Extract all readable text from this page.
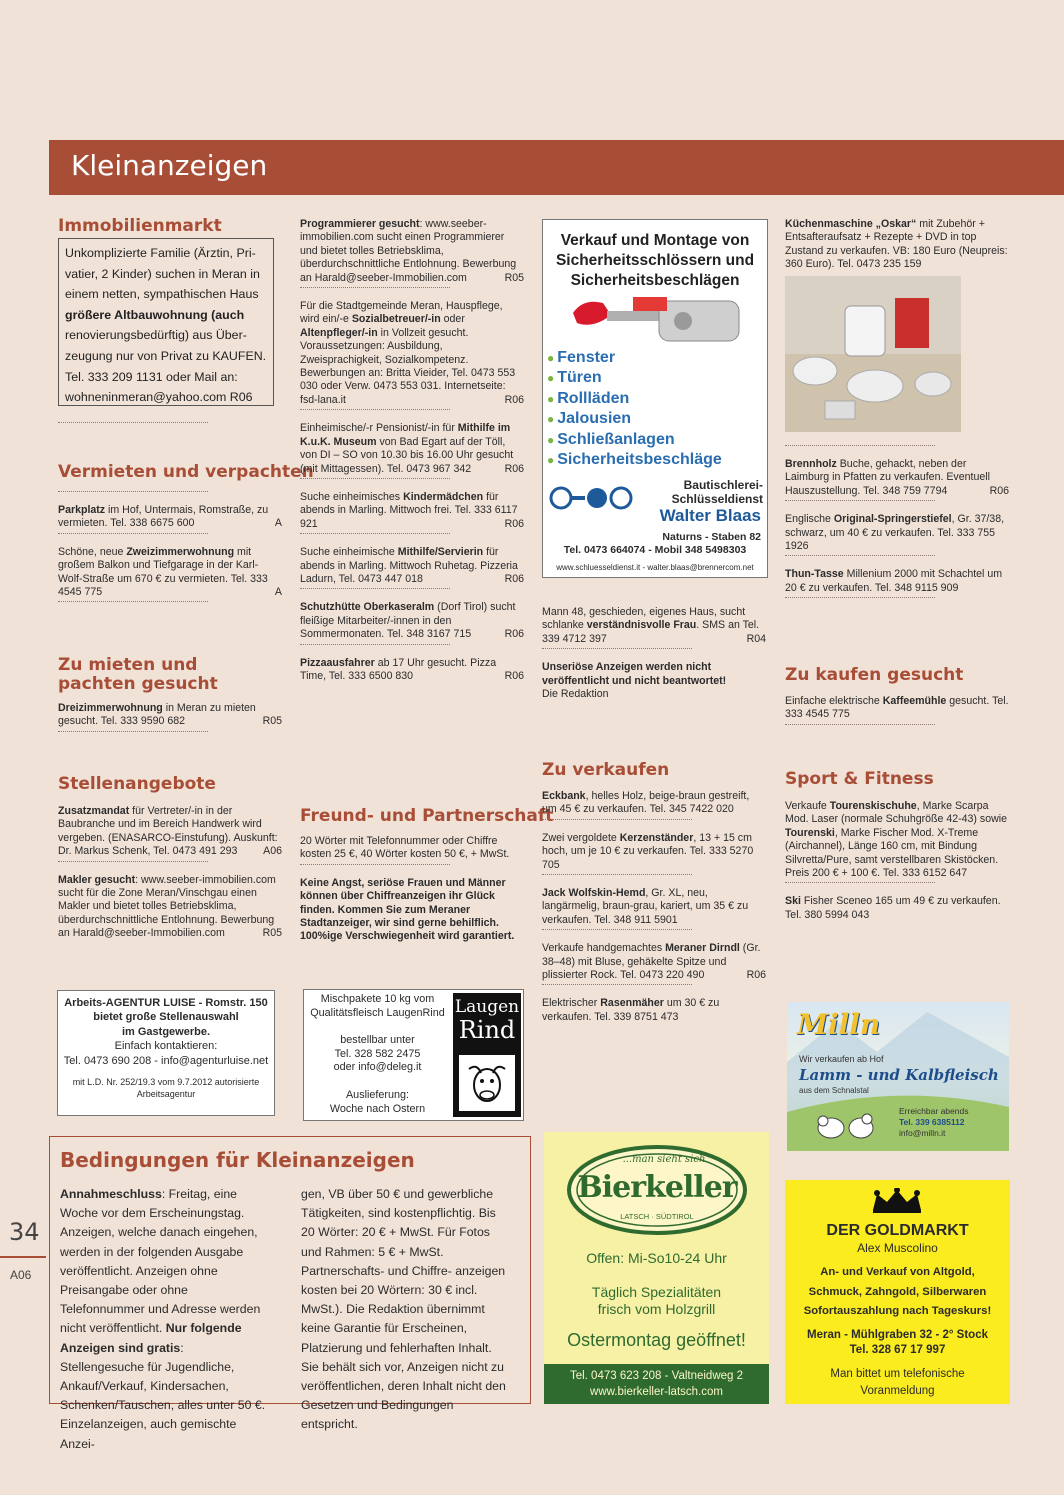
Kleinanzeigen
Immobilienmarkt
Unkomplizierte Familie (Ärztin, Pri-
vatier, 2 Kinder) suchen in Meran in
einem netten, sympathischen Haus
größere Altbauwohnung (auch
renovierungsbedürftig) aus Über-
zeugung nur von Privat zu KAUFEN.
Tel. 333 209 1131 oder Mail an:
wohneninmeran@yahoo.com R06
Vermieten und verpachten

Parkplatz im Hof, Untermais, Romstraße, zu vermieten. Tel. 338 6675 600	A

Schöne, neue Zweizimmerwohnung mit großem Balkon und Tiefgarage in der Karl-Wolf-Straße um 670 € zu vermieten. Tel. 333 4545 775	A

Zu mieten und
pachten gesucht

Dreizimmerwohnung in Meran zu mieten gesucht. Tel. 333 9590 682	R05

Stellenangebote

Zusatzmandat für Vertreter/-in in der Baubranche und im Bereich Handwerk wird vergeben. (ENASARCO-Einstufung). Auskunft: Dr. Markus Schenk, Tel. 0473 491 293 A06

Makler gesucht: www.seeber-immobilien.com sucht für die Zone Meran/Vinschgau einen Makler und bietet tolles Betriebsklima, überdurchschnittliche Entlohnung. Bewerbung an Harald@seeber-Immobilien.com	R05

Arbeits-AGENTUR LUISE - Romstr. 150
bietet große Stellenauswahl
im Gastgewerbe.
Einfach kontaktieren:
Tel. 0473 690 208 - info@agenturluise.net
mit L.D. Nr. 252/19.3 vom 9.7.2012 autorisierte
Arbeitsagentur

Programmierer gesucht: www.seeber-immobilien.com sucht einen Programmierer und bietet tolles Betriebsklima, überdurchschnittliche Entlohnung. Bewerbung an Harald@seeber-Immobilien.com	R05

Für die Stadtgemeinde Meran, Hauspflege, wird ein/-e Sozialbetreuer/-in oder Altenpfleger/-in in Vollzeit gesucht. Voraussetzungen: Ausbildung, Zweisprachigkeit, Sozialkompetenz. Bewerbungen an: Britta Vieider, Tel. 0473 553 030 oder Verw. 0473 553 031. Internetseite: fsd-lana.it	R06

Einheimische/-r Pensionist/-in für Mithilfe im K.u.K. Museum von Bad Egart auf der Töll, von DI – SO von 10.30 bis 16.00 Uhr gesucht (mit Mittagessen). Tel. 0473 967 342	R06

Suche einheimisches Kindermädchen für abends in Marling. Mittwoch frei. Tel. 333 6117 921	R06

Suche einheimische Mithilfe/Servierin für abends in Marling. Mittwoch Ruhetag. Pizzeria Ladurn, Tel. 0473 447 018	R06

Schutzhütte Oberkaseralm (Dorf Tirol) sucht fleißige Mitarbeiter/-innen in den Sommermonaten. Tel. 348 3167 715	R06

Pizzaausfahrer ab 17 Uhr gesucht. Pizza Time, Tel. 333 6500 830	R06

Freund- und Partnerschaft

20 Wörter mit Telefonnummer oder Chiffre kosten 25 €, 40 Wörter kosten 50 €, + MwSt.

Keine Angst, seriöse Frauen und Männer können über Chiffreanzeigen ihr Glück finden. Kommen Sie zum Meraner Stadtanzeiger, wir sind gerne behilflich. 100%ige Verschwiegenheit wird garantiert.

Mischpakete 10 kg vom
Qualitätsfleisch LaugenRind
bestellbar unter
Tel. 328 582 2475
oder info@deleg.it
Auslieferung:
Woche nach Ostern
Laugen
Rind
Verkauf und Montage von Sicherheitsschlössern und Sicherheitsbeschlägen
● Fenster
● Türen
● Rollläden
● Jalousien
● Schließanlagen
● Sicherheitsbeschläge
Bautischlerei-
Schlüsseldienst
Walter Blaas
Naturns - Staben 82
Tel. 0473 664074 - Mobil 348 5498303
www.schluesseldienst.it - walter.blaas@brennercom.net

Mann 48, geschieden, eigenes Haus, sucht schlanke verständnisvolle Frau. SMS an Tel. 339 4712 397	R04

Unseriöse Anzeigen werden nicht veröffentlicht und nicht beantwortet!
Die Redaktion

Zu verkaufen

Eckbank, helles Holz, beige-braun gestreift, um 45 € zu verkaufen. Tel. 345 7422 020

Zwei vergoldete Kerzenständer, 13 + 15 cm hoch, um je 10 € zu verkaufen. Tel. 333 5270 705

Jack Wolfskin-Hemd, Gr. XL, neu, langärmelig, braun-grau, kariert, um 35 € zu verkaufen. Tel. 348 911 5901

Verkaufe handgemachtes Meraner Dirndl (Gr. 38–48) mit Bluse, gehäkelte Spitze und plissierter Rock. Tel. 0473 220 490	R06

Elektrischer Rasenmäher um 30 € zu verkaufen. Tel. 339 8751 473

...man sieht sich
Bierkeller
LATSCH · SÜDTIROL
Offen: Mi-So10-24 Uhr
Täglich Spezialitäten
frisch vom Holzgrill
Ostermontag geöffnet!
Tel. 0473 623 208 - Valtneidweg 2
www.bierkeller-latsch.com

Küchenmaschine „Oskar“ mit Zubehör + Entsafteraufsatz + Rezepte + DVD in top Zustand zu verkaufen. VB: 180 Euro (Neupreis: 360 Euro). Tel. 0473 235 159

Brennholz Buche, gehackt, neben der Laimburg in Pfatten zu verkaufen. Eventuell Hauszustellung. Tel. 348 759 7794	R06

Englische Original-Springerstiefel, Gr. 37/38, schwarz, um 40 € zu verkaufen. Tel. 333 755 1926

Thun-Tasse Millenium 2000 mit Schachtel um 20 € zu verkaufen. Tel. 348 9115 909

Zu kaufen gesucht

Einfache elektrische Kaffeemühle gesucht. Tel. 333 4545 775

Sport & Fitness

Verkaufe Tourenskischuhe, Marke Scarpa Mod. Laser (normale Schuhgröße 42-43) sowie Tourenski, Marke Fischer Mod. X-Treme (Airchannel), Länge 160 cm, mit Bindung Silvretta/Pure, samt verstellbaren Skistöcken. Preis 200 € + 100 €. Tel. 333 6152 647

Ski Fisher Sceneo 165 um 49 € zu verkaufen. Tel. 380 5994 043

Milln
Wir verkaufen ab Hof
Lamm - und Kalbfleisch
aus dem Schnalstal
Erreichbar abends
Tel. 339 6385112
info@milln.it
DER GOLDMARKT
Alex Muscolino
An- und Verkauf von Altgold,
Schmuck, Zahngold, Silberwaren
Sofortauszahlung nach Tageskurs!
Meran - Mühlgraben 32 - 2° Stock
Tel. 328 67 17 997
Man bittet um telefonische
Voranmeldung
Bedingungen für Kleinanzeigen
Annahmeschluss: Freitag, eine Woche vor dem Erscheinungstag. Anzeigen, welche danach eingehen, werden in der folgenden Ausgabe veröffentlicht. Anzeigen ohne Preisangabe oder ohne Telefonnummer und Adresse werden nicht veröffentlicht. Nur folgende Anzeigen sind gratis: Stellengesuche für Jugendliche, Ankauf/Verkauf, Kindersachen, Schenken/Tauschen, alles unter 50 €. Einzelanzeigen, auch gemischte Anzei-
gen, VB über 50 € und gewerbliche Tätigkeiten, sind kostenpflichtig. Bis 20 Wörter: 20 € + MwSt. Für Fotos und Rahmen: 5 € + MwSt. Partnerschafts- und Chiffre- anzeigen kosten bei 20 Wörtern: 30 € incl. MwSt.). Die Redaktion übernimmt keine Garantie für Erscheinen, Platzierung und fehlerhaften Inhalt. Sie behält sich vor, Anzeigen nicht zu veröffentlichen, deren Inhalt nicht den Gesetzen und Bedingungen entspricht.
34
A06
